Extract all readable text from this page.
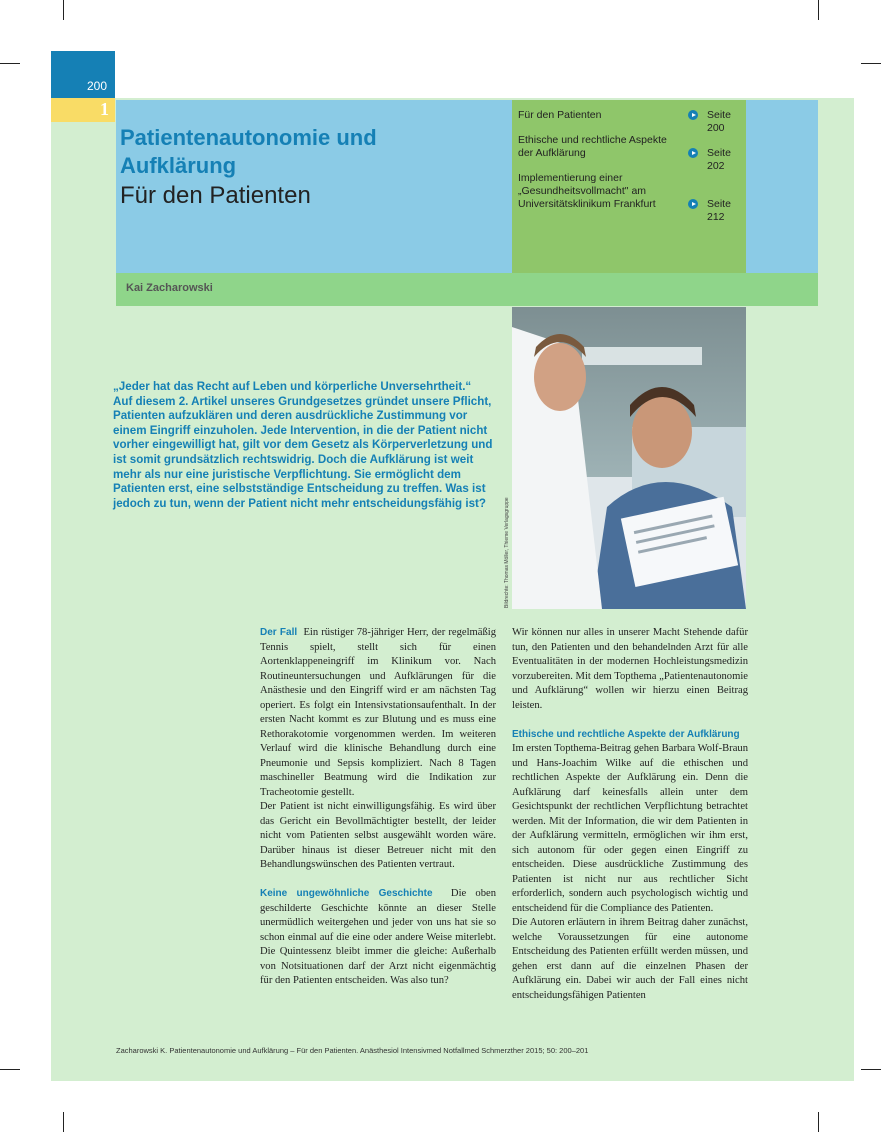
200
1
Patientenautonomie und Aufklärung
Für den Patienten
Für den Patienten	Seite 200
Ethische und rechtliche Aspekte der Aufklärung	Seite 202
Implementierung einer „Gesundheitsvollmacht" am Universitätsklinikum Frankfurt	Seite 212
Kai Zacharowski
„Jeder hat das Recht auf Leben und körperliche Unversehrtheit.“ Auf diesem 2. Artikel unseres Grundgesetzes gründet unsere Pflicht, Patienten aufzuklären und deren ausdrückliche Zustimmung vor einem Eingriff einzuholen. Jede Intervention, in die der Patient nicht vorher eingewilligt hat, gilt vor dem Gesetz als Körperverletzung und ist somit grundsätzlich rechtswidrig. Doch die Aufklärung ist weit mehr als nur eine juristische Verpflichtung. Sie ermöglicht dem Patienten erst, eine selbstständige Entscheidung zu treffen. Was ist jedoch zu tun, wenn der Patient nicht mehr entscheidungsfähig ist?	Bildrechte: Thomas Möller, Thieme Verlagsgruppe

Der Fall Ein rüstiger 78-jähriger Herr, der regelmäßig Tennis spielt, stellt sich für einen Aortenklappeneingriff im Klinikum vor. Nach Routineuntersuchungen und Aufklärungen für die Anästhesie und den Eingriff wird er am nächsten Tag operiert. Es folgt ein Intensivstationsaufenthalt. In der ersten Nacht kommt es zur Blutung und es muss eine Rethorakotomie vorgenommen werden. Im weiteren Verlauf wird die klinische Behandlung durch eine Pneumonie und Sepsis kompliziert. Nach 8 Tagen maschineller Beatmung wird die Indikation zur Tracheotomie gestellt.

Der Patient ist nicht einwilligungsfähig. Es wird über das Gericht ein Bevollmächtigter bestellt, der leider nicht vom Patienten selbst ausgewählt worden wäre. Darüber hinaus ist dieser Betreuer nicht mit den Behandlungswünschen des Patienten vertraut.

Keine ungewöhnliche Geschichte Die oben geschilderte Geschichte könnte an dieser Stelle unermüdlich weitergehen und jeder von uns hat sie so schon einmal auf die eine oder andere Weise miterlebt. Die Quintessenz bleibt immer die gleiche: Außerhalb von Notsituationen darf der Arzt nicht eigenmächtig für den Patienten entscheiden. Was also tun?

Wir können nur alles in unserer Macht Stehende dafür tun, den Patienten und den behandelnden Arzt für alle Eventualitäten in der modernen Hochleistungsmedizin vorzubereiten. Mit dem Topthema „Patientenautonomie und Aufklärung“ wollen wir hierzu einen Beitrag leisten.

Ethische und rechtliche Aspekte der Aufklärung

Im ersten Topthema-Beitrag gehen Barbara Wolf-Braun und Hans-Joachim Wilke auf die ethischen und rechtlichen Aspekte der Aufklärung ein. Denn die Aufklärung darf keinesfalls allein unter dem Gesichtspunkt der rechtlichen Verpflichtung betrachtet werden. Mit der Information, die wir dem Patienten in der Aufklärung vermitteln, ermöglichen wir ihm erst, sich autonom für oder gegen einen Eingriff zu entscheiden. Diese ausdrückliche Zustimmung des Patienten ist nicht nur aus rechtlicher Sicht erforderlich, sondern auch psychologisch wichtig und entscheidend für die Compliance des Patienten.

Die Autoren erläutern in ihrem Beitrag daher zunächst, welche Voraussetzungen für eine autonome Entscheidung des Patienten erfüllt werden müssen, und gehen erst dann auf die einzelnen Phasen der Aufklärung ein. Dabei wir auch der Fall eines nicht entscheidungsfähigen Patienten

Zacharowski K. Patientenautonomie und Aufklärung – Für den Patienten. Anästhesiol Intensivmed Notfallmed Schmerzther 2015; 50: 200–201
